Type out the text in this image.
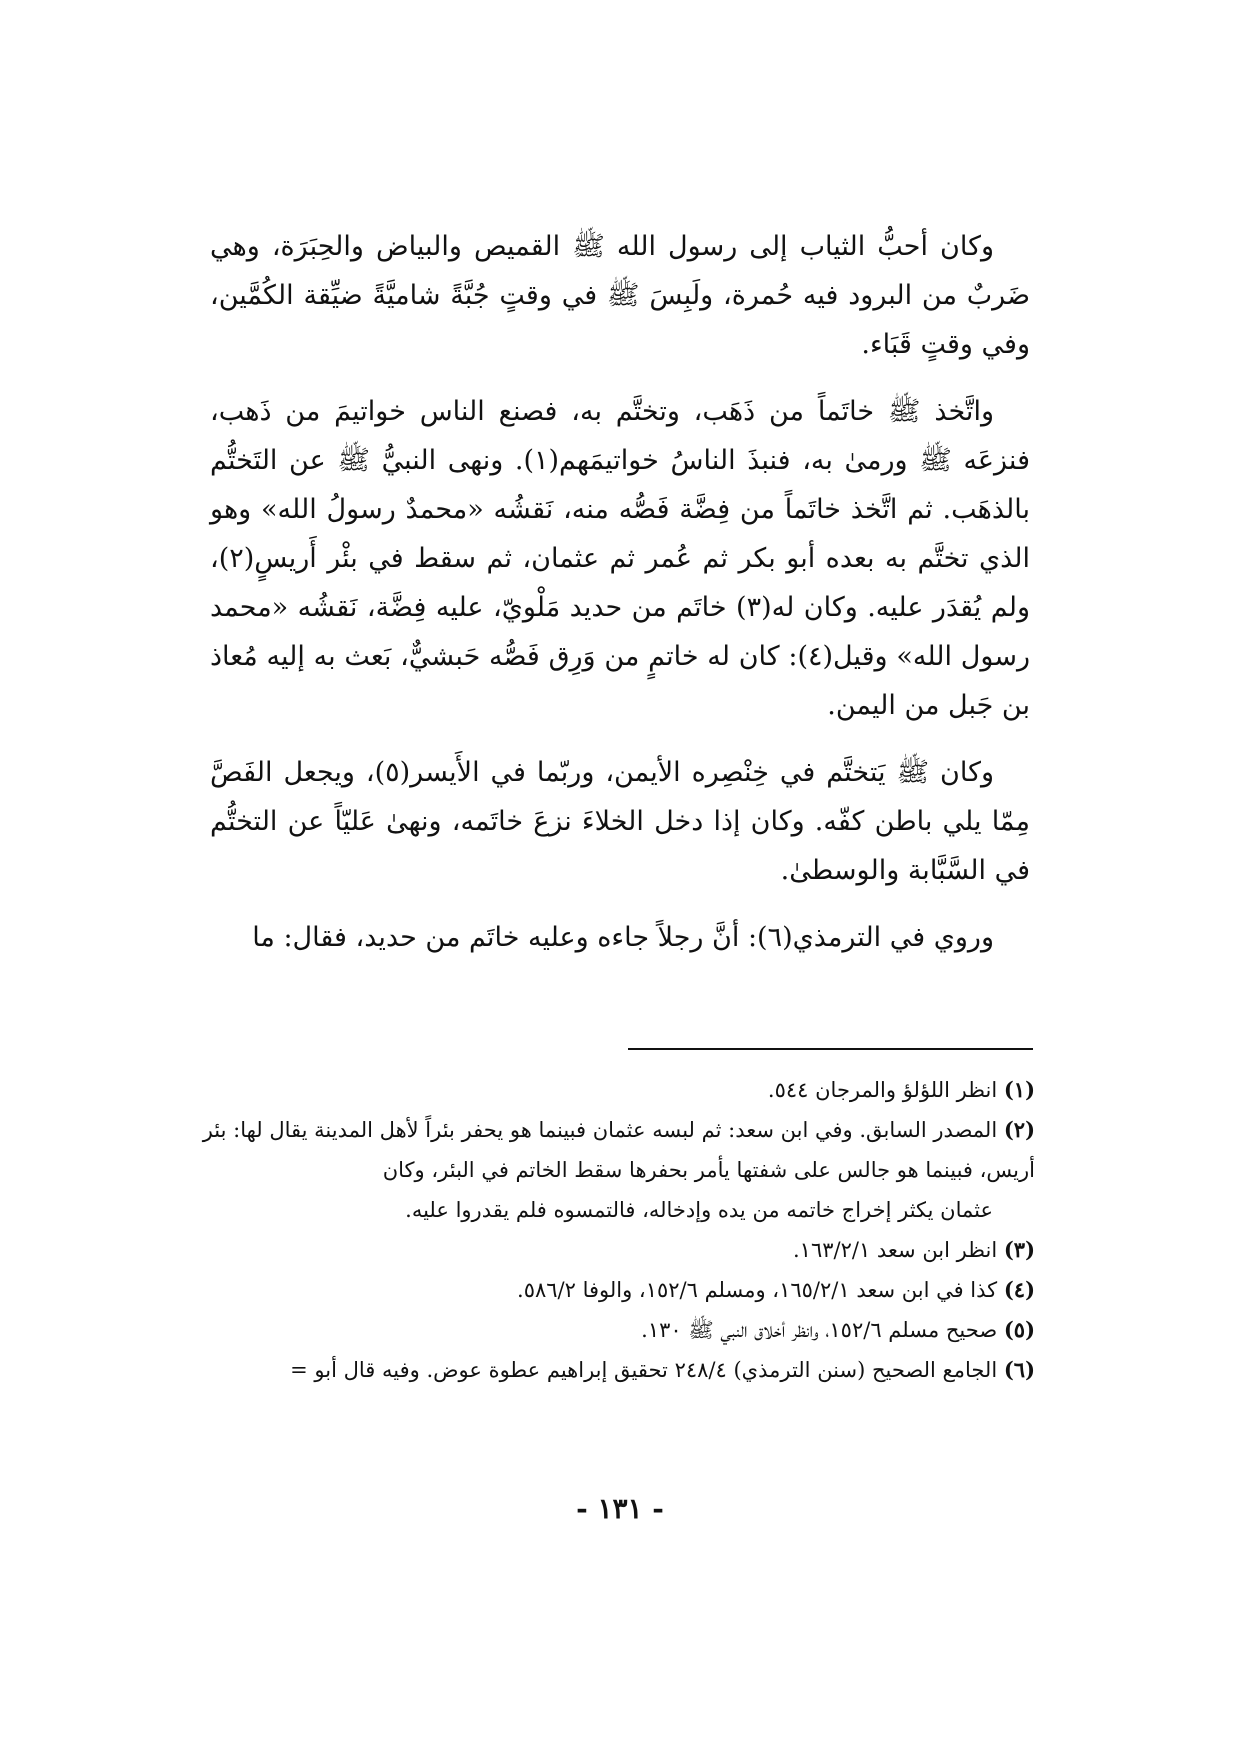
وكان أحبُّ الثياب إلى رسول الله ﷺ القميص والبياض والحِبَرَة، وهي ضَربٌ من البرود فيه حُمرة، ولَبِسَ ﷺ في وقتٍ جُبَّةً شاميَّةً ضيِّقة الكُمَّين، وفي وقتٍ قَبَاء.

واتَّخذ ﷺ خاتَماً من ذَهَب، وتختَّم به، فصنع الناس خواتيمَ من ذَهب، فنزعَه ﷺ ورمىٰ به، فنبذَ الناسُ خواتيمَهم(١). ونهى النبيُّ ﷺ عن التَختُّم بالذهَب. ثم اتَّخذ خاتَماً من فِضَّة فَصُّه منه، نَقشُه «محمدٌ رسولُ الله» وهو الذي تختَّم به بعده أبو بكر ثم عُمر ثم عثمان، ثم سقط في بئْر أَريسٍ(٢)، ولم يُقدَر عليه. وكان له(٣) خاتَم من حديد مَلْويّ، عليه فِضَّة، نَقشُه «محمد رسول الله» وقيل(٤): كان له خاتمٍ من وَرِق فَصُّه حَبشيٌّ، بَعث به إليه مُعاذ بن جَبل من اليمن.

وكان ﷺ يَتختَّم في خِنْصِره الأيمن، وربّما في الأَيسر(٥)، ويجعل الفَصَّ مِمّا يلي باطن كفّه. وكان إذا دخل الخلاءَ نزعَ خاتَمه، ونهىٰ عَليّاً عن التختُّم في السَّبَّابة والوسطىٰ.

وروي في الترمذي(٦): أنَّ رجلاً جاءه وعليه خاتَم من حديد، فقال: ما

(١) انظر اللؤلؤ والمرجان ٥٤٤.
(٢) المصدر السابق. وفي ابن سعد: ثم لبسه عثمان فبينما هو يحفر بئراً لأهل المدينة يقال لها: بئر أريس، فبينما هو جالس على شفتها يأمر بحفرها سقط الخاتم في البئر، وكان
عثمان يكثر إخراج خاتمه من يده وإدخاله، فالتمسوه فلم يقدروا عليه.
(٣) انظر ابن سعد ١٦٣/٢/١.
(٤) كذا في ابن سعد ١٦٥/٢/١، ومسلم ١٥٢/٦، والوفا ٥٨٦/٢.
(٥) صحيح مسلم ١٥٢/٦، وانظر أخلاق النبي ﷺ ١٣٠.
(٦) الجامع الصحيح (سنن الترمذي) ٢٤٨/٤ تحقيق إبراهيم عطوة عوض. وفيه قال أبو =
- ١٣١ -
